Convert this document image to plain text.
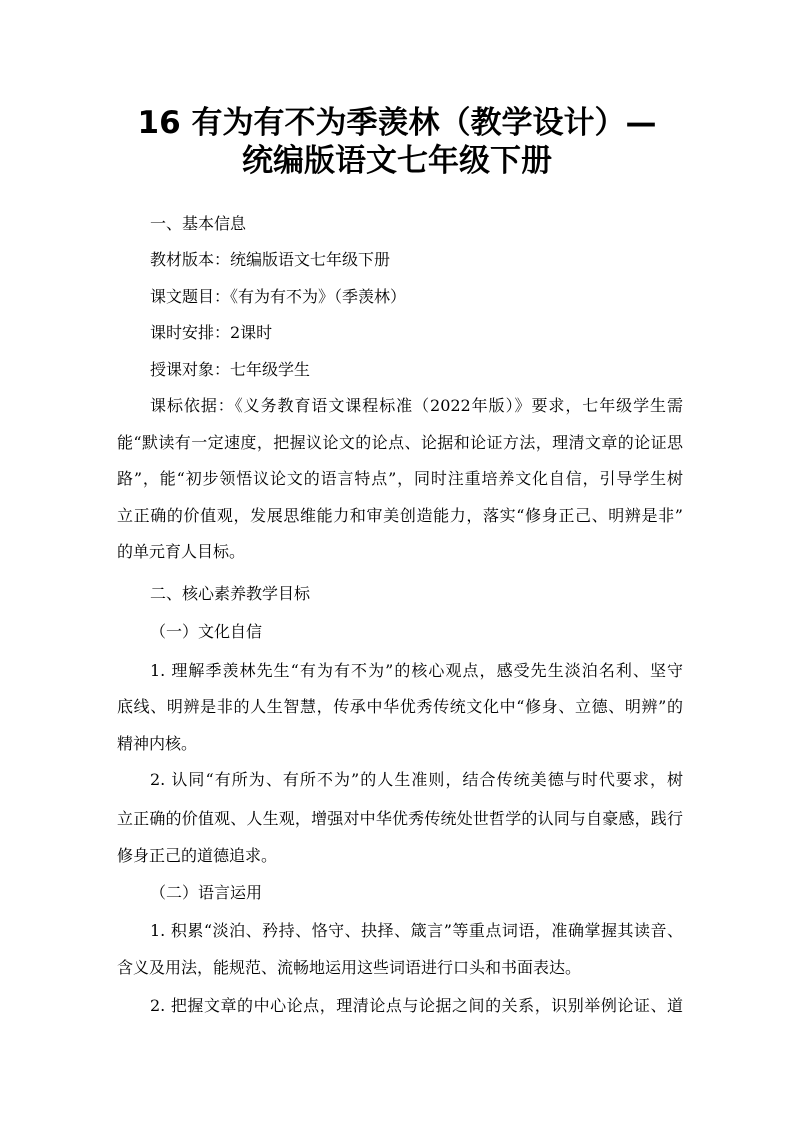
16 有为有不为季羡林（教学设计）—
统编版语文七年级下册

一、基本信息

教材版本：统编版语文七年级下册

课文题目：《有为有不为》（季羡林）

课时安排：2课时

授课对象：七年级学生

课标依据：《义务教育语文课程标准（2022年版）》要求，七年级学生需

能“默读有一定速度，把握议论文的论点、论据和论证方法，理清文章的论证思

路”，能“初步领悟议论文的语言特点”，同时注重培养文化自信，引导学生树

立正确的价值观，发展思维能力和审美创造能力，落实“修身正己、明辨是非”

的单元育人目标。

二、核心素养教学目标

（一）文化自信

1. 理解季羡林先生“有为有不为”的核心观点，感受先生淡泊名利、坚守

底线、明辨是非的人生智慧，传承中华优秀传统文化中“修身、立德、明辨”的

精神内核。

2. 认同“有所为、有所不为”的人生准则，结合传统美德与时代要求，树

立正确的价值观、人生观，增强对中华优秀传统处世哲学的认同与自豪感，践行

修身正己的道德追求。

（二）语言运用

1. 积累“淡泊、矜持、恪守、抉择、箴言”等重点词语，准确掌握其读音、

含义及用法，能规范、流畅地运用这些词语进行口头和书面表达。

2. 把握文章的中心论点，理清论点与论据之间的关系，识别举例论证、道
